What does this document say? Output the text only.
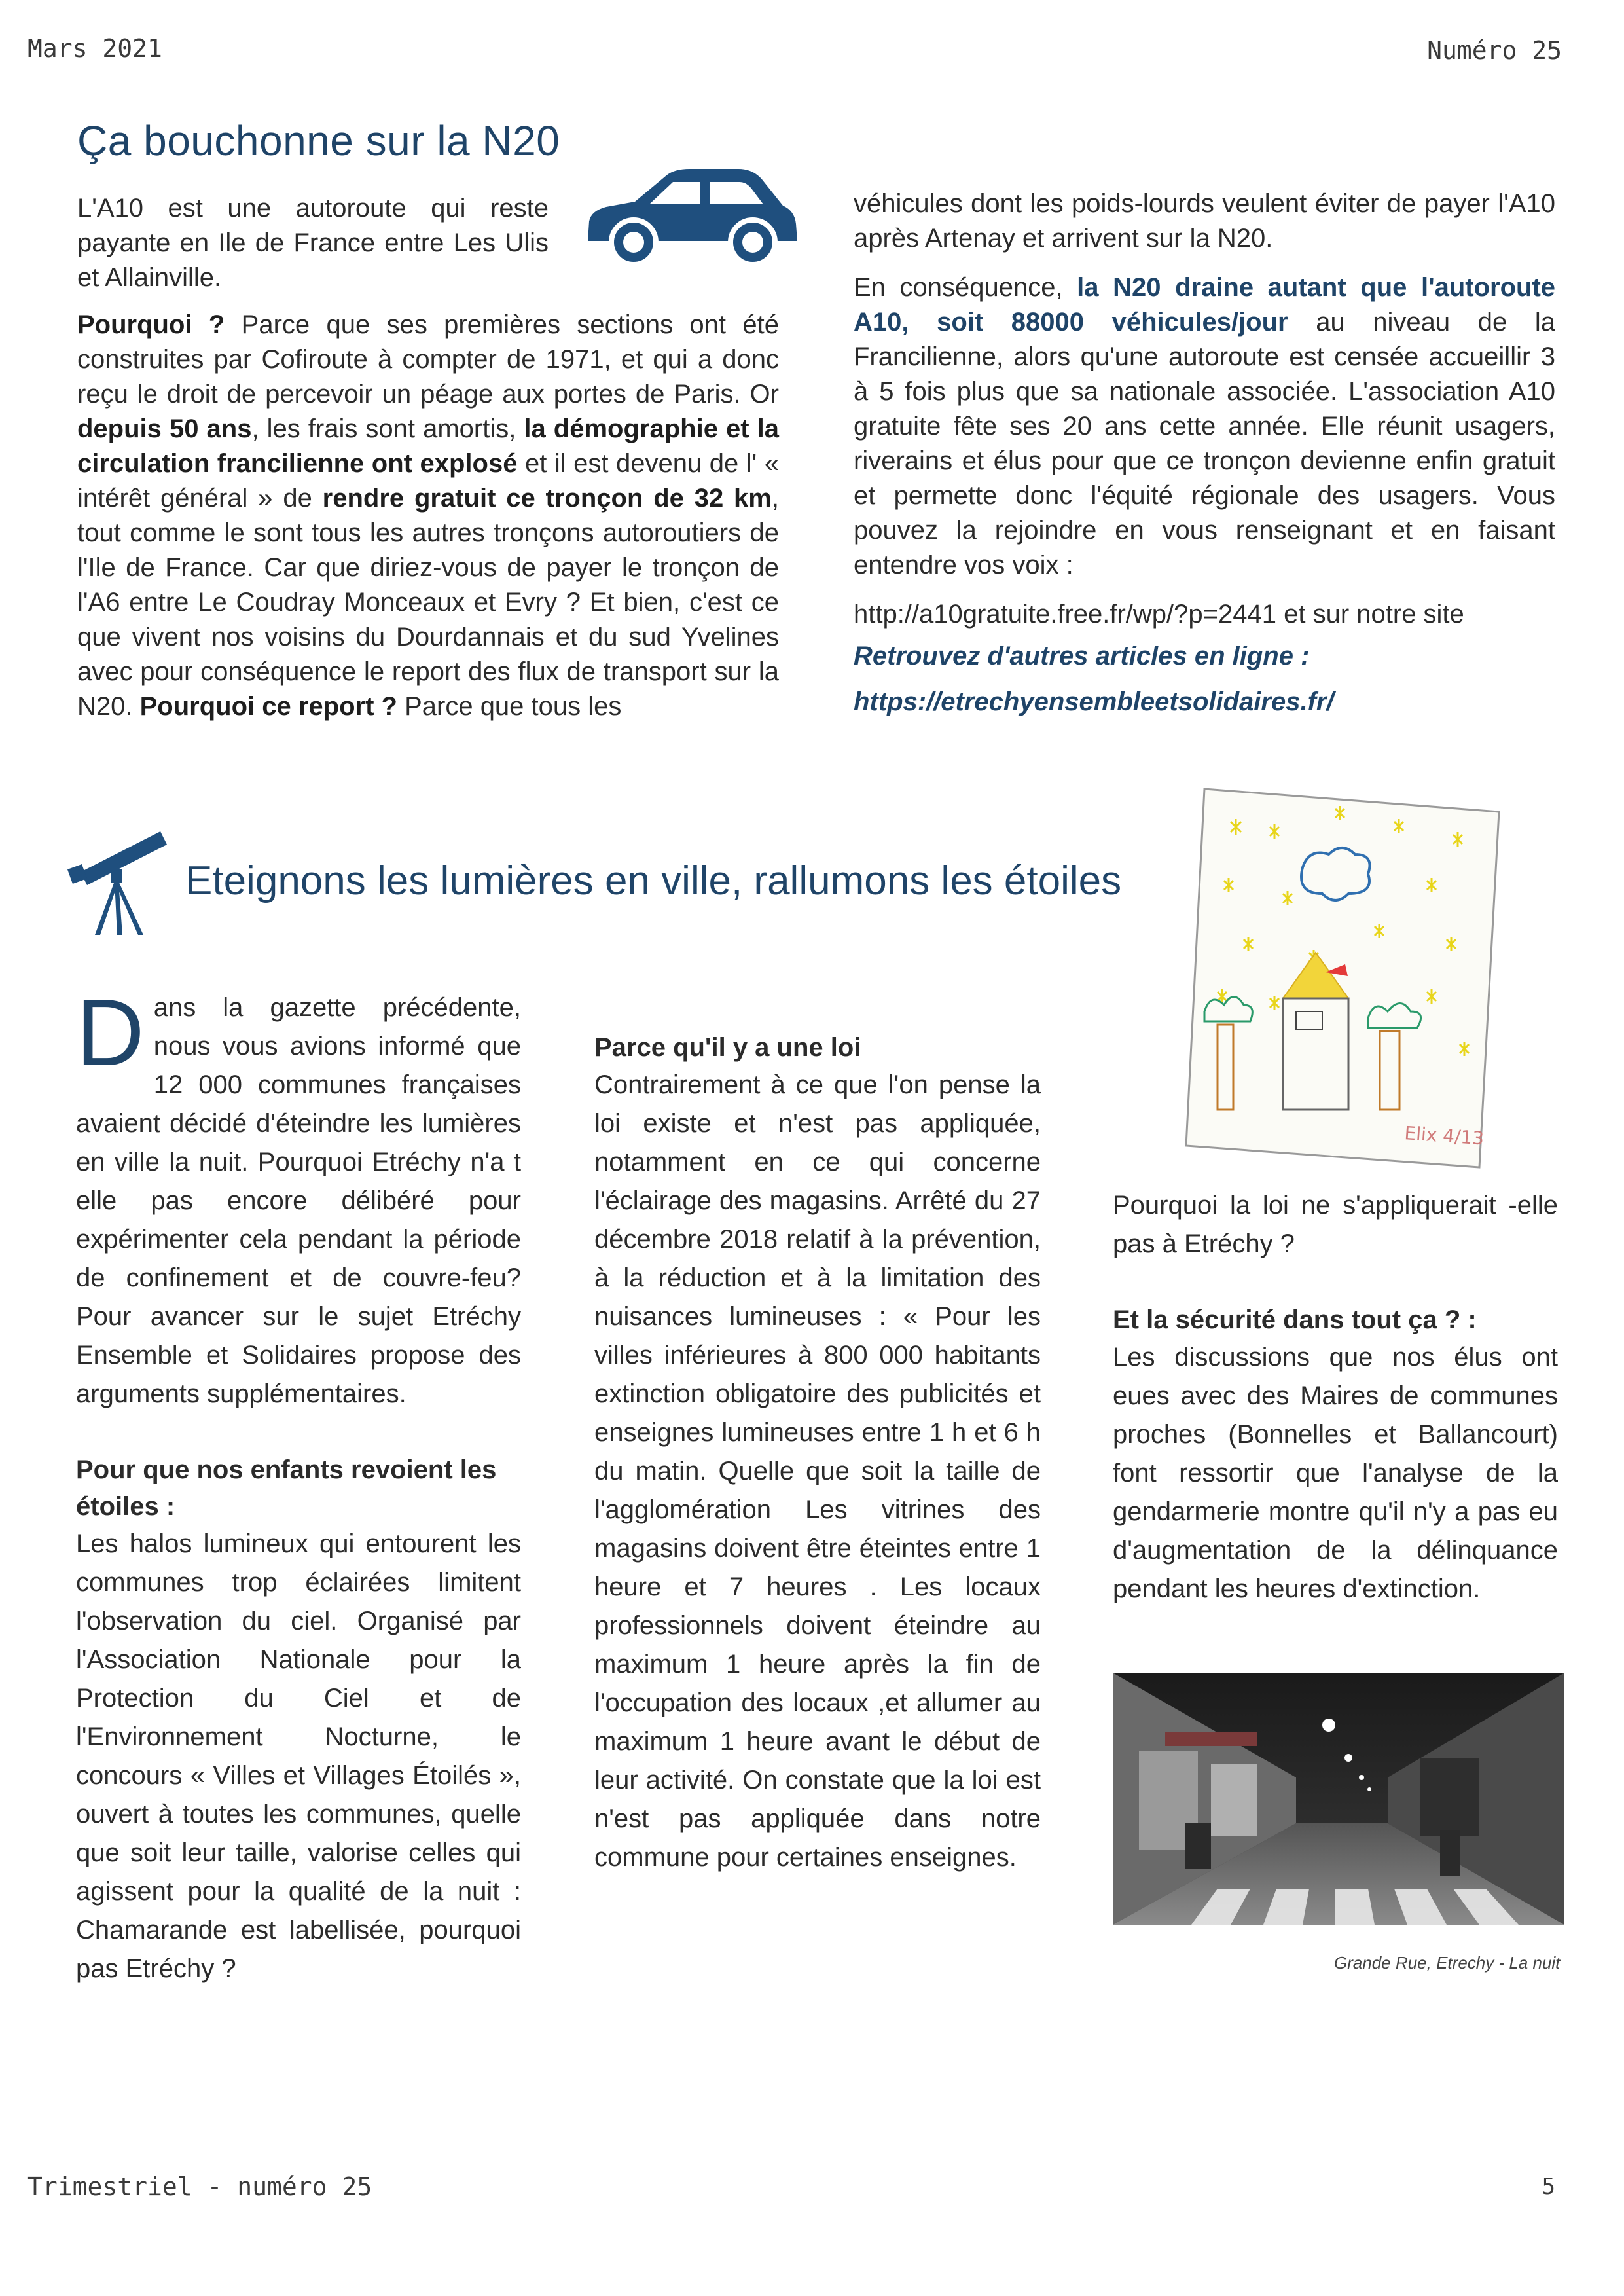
Mars 2021	Numéro 25
Ça bouchonne sur la N20

L'A10 est une autoroute qui reste payante en Ile de France entre Les Ulis et Allainville.

Pourquoi ? Parce que ses premières sections ont été construites par Cofiroute à compter de 1971, et qui a donc reçu le droit de percevoir un péage aux portes de Paris. Or depuis 50 ans, les frais sont amortis, la démographie et la circulation francilienne ont explosé et il est devenu de l' « intérêt général » de rendre gratuit ce tronçon de 32 km, tout comme le sont tous les autres tronçons autoroutiers de l'Ile de France. Car que diriez-vous de payer le tronçon de l'A6 entre Le Coudray Monceaux et Evry ? Et bien, c'est ce que vivent nos voisins du Dourdannais et du sud Yvelines avec pour conséquence le report des flux de transport sur la N20. Pourquoi ce report ? Parce que tous les

véhicules dont les poids-lourds veulent éviter de payer l'A10 après Artenay et arrivent sur la N20.

En conséquence, la N20 draine autant que l'autoroute A10, soit 88000 véhicules/jour au niveau de la Francilienne, alors qu'une autoroute est censée accueillir 3 à 5 fois plus que sa nationale associée. L'association A10 gratuite fête ses 20 ans cette année. Elle réunit usagers, riverains et élus pour que ce tronçon devienne enfin gratuit et permette donc l'équité régionale des usagers. Vous pouvez la rejoindre en vous renseignant et en faisant entendre vos voix :

http://a10gratuite.free.fr/wp/?p=2441 et sur notre site

Retrouvez d'autres articles en ligne :
https://etrechyensembleetsolidaires.fr/
Eteignons les lumières en ville, rallumons les étoiles
Elix 4/13

Dans la gazette précédente, nous vous avions informé que 12 000 communes françaises avaient décidé d'éteindre les lumières en ville la nuit. Pourquoi Etréchy n'a t elle pas encore délibéré pour expérimenter cela pendant la période de confinement et de couvre-feu? Pour avancer sur le sujet Etréchy Ensemble et Solidaires propose des arguments supplémentaires.

Pour que nos enfants revoient les étoiles :

Les halos lumineux qui entourent les communes trop éclairées limitent l'observation du ciel. Organisé par l'Association Nationale pour la Protection du Ciel et de l'Environnement Nocturne, le concours « Villes et Villages Étoilés », ouvert à toutes les communes, quelle que soit leur taille, valorise celles qui agissent pour la qualité de la nuit : Chamarande est labellisée, pourquoi pas Etréchy ?

Parce qu'il y a une loi

Contrairement à ce que l'on pense la loi existe et n'est pas appliquée, notamment en ce qui concerne l'éclairage des magasins. Arrêté du 27 décembre 2018 relatif à la prévention, à la réduction et à la limitation des nuisances lumineuses : « Pour les villes inférieures à 800 000 habitants extinction obligatoire des publicités et enseignes lumineuses entre 1 h et 6 h du matin. Quelle que soit la taille de l'agglomération Les vitrines des magasins doivent être éteintes entre 1 heure et 7 heures . Les locaux professionnels doivent éteindre au maximum 1 heure après la fin de l'occupation des locaux ,et allumer au maximum 1 heure avant le début de leur activité. On constate que la loi est n'est pas appliquée dans notre commune pour certaines enseignes.

Pourquoi la loi ne s'appliquerait -elle pas à Etréchy ?

Et la sécurité dans tout ça ? :

Les discussions que nos élus ont eues avec des Maires de communes proches (Bonnelles et Ballancourt) font ressortir que l'analyse de la gendarmerie montre qu'il n'y a pas eu d'augmentation de la délinquance pendant les heures d'extinction.

Grande Rue, Etrechy - La nuit
Trimestriel - numéro 25	5
